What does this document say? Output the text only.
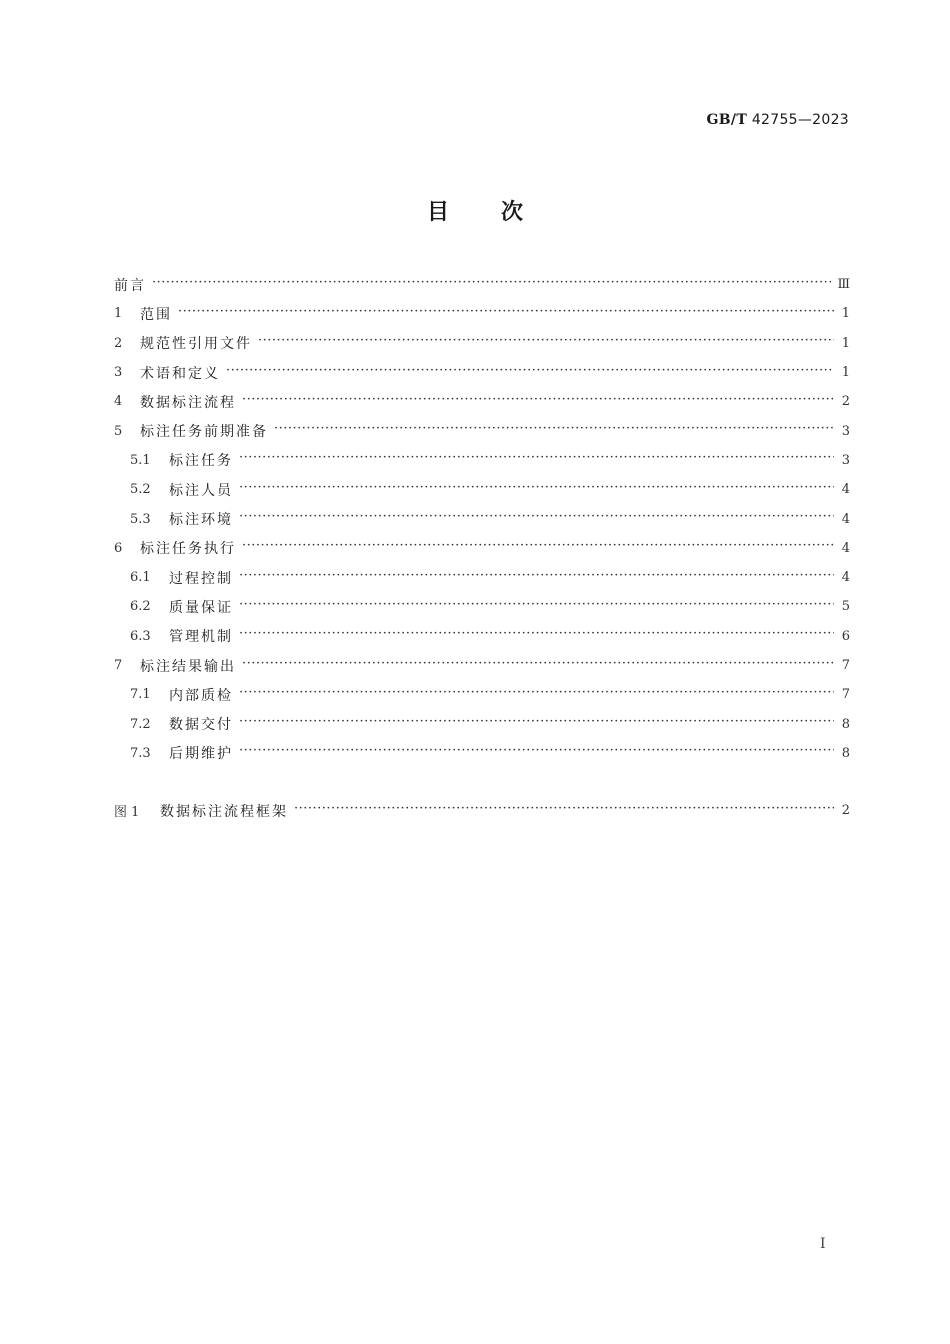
GB/T 42755—2023
目次
前言 ·····	Ⅲ
1	范围 ·····	1
2	规范性引用文件 ·····	1
3	术语和定义 ·····	1
4	数据标注流程 ·····	2
5	标注任务前期准备 ·····	3
5.1	标注任务 ·····	3
5.2	标注人员 ·····	4
5.3	标注环境 ·····	4
6	标注任务执行 ·····	4
6.1	过程控制 ·····	4
6.2	质量保证 ·····	5
6.3	管理机制 ·····	6
7	标注结果输出 ·····	7
7.1	内部质检 ·····	7
7.2	数据交付 ·····	8
7.3	后期维护 ·····	8
图 1	数据标注流程框架 ·····	2
I
